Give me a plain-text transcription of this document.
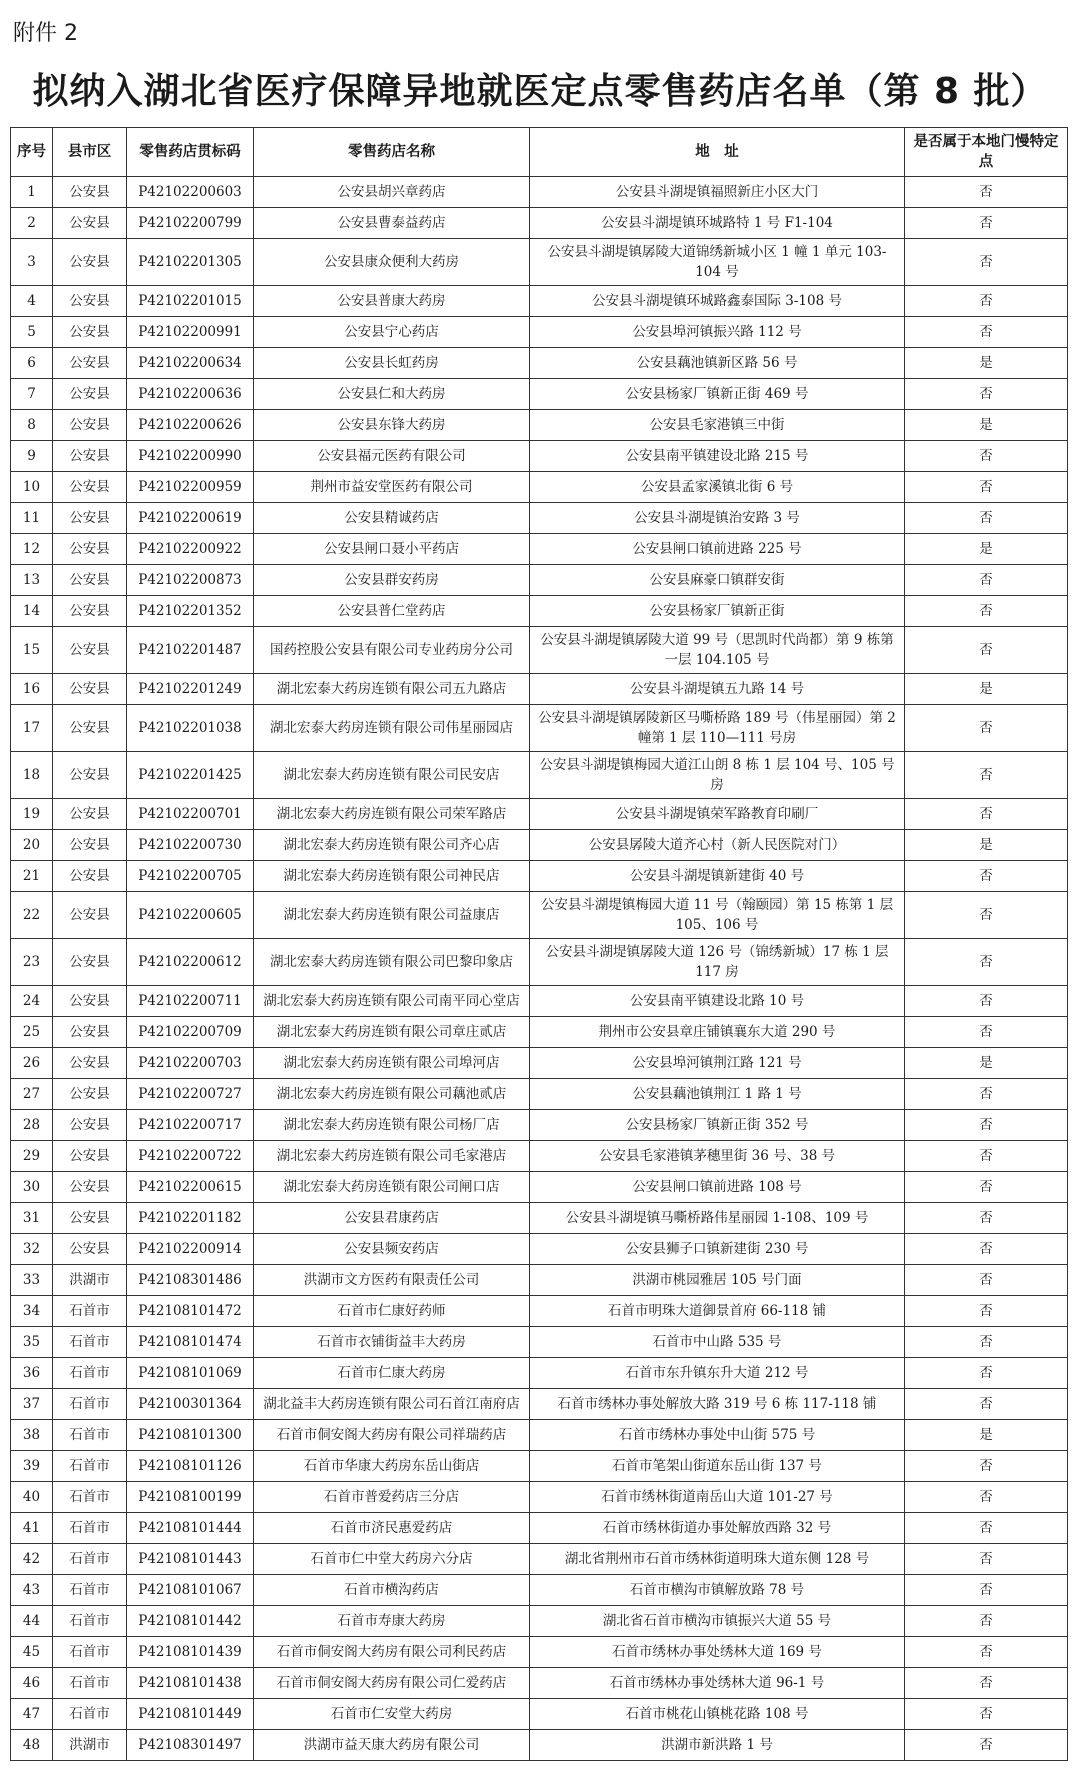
附件 2
拟纳入湖北省医疗保障异地就医定点零售药店名单（第 8 批）
序号	县市区	零售药店贯标码	零售药店名称	地　址	是否属于本地门慢特定点
1	公安县	P42102200603	公安县胡兴章药店	公安县斗湖堤镇福照新庄小区大门	否
2	公安县	P42102200799	公安县曹泰益药店	公安县斗湖堤镇环城路特 1 号 F1-104	否
3	公安县	P42102201305	公安县康众便利大药房	公安县斗湖堤镇孱陵大道锦绣新城小区 1 幢 1 单元 103-104 号	否
4	公安县	P42102201015	公安县普康大药房	公安县斗湖堤镇环城路鑫泰国际 3-108 号	否
5	公安县	P42102200991	公安县宁心药店	公安县埠河镇振兴路 112 号	否
6	公安县	P42102200634	公安县长虹药房	公安县藕池镇新区路 56 号	是
7	公安县	P42102200636	公安县仁和大药房	公安县杨家厂镇新正街 469 号	否
8	公安县	P42102200626	公安县东锋大药房	公安县毛家港镇三中街	是
9	公安县	P42102200990	公安县福元医药有限公司	公安县南平镇建设北路 215 号	否
10	公安县	P42102200959	荆州市益安堂医药有限公司	公安县孟家溪镇北街 6 号	否
11	公安县	P42102200619	公安县精诚药店	公安县斗湖堤镇治安路 3 号	否
12	公安县	P42102200922	公安县闸口聂小平药店	公安县闸口镇前进路 225 号	是
13	公安县	P42102200873	公安县群安药房	公安县麻豪口镇群安街	否
14	公安县	P42102201352	公安县普仁堂药店	公安县杨家厂镇新正街	否
15	公安县	P42102201487	国药控股公安县有限公司专业药房分公司	公安县斗湖堤镇孱陵大道 99 号（思凯时代尚都）第 9 栋第一层 104.105 号	否
16	公安县	P42102201249	湖北宏泰大药房连锁有限公司五九路店	公安县斗湖堤镇五九路 14 号	是
17	公安县	P42102201038	湖北宏泰大药房连锁有限公司伟星丽园店	公安县斗湖堤镇孱陵新区马嘶桥路 189 号（伟星丽园）第 2 幢第 1 层 110—111 号房	否
18	公安县	P42102201425	湖北宏泰大药房连锁有限公司民安店	公安县斗湖堤镇梅园大道江山朗 8 栋 1 层 104 号、105 号房	否
19	公安县	P42102200701	湖北宏泰大药房连锁有限公司荣军路店	公安县斗湖堤镇荣军路教育印刷厂	否
20	公安县	P42102200730	湖北宏泰大药房连锁有限公司齐心店	公安县孱陵大道齐心村（新人民医院对门）	是
21	公安县	P42102200705	湖北宏泰大药房连锁有限公司神民店	公安县斗湖堤镇新建街 40 号	否
22	公安县	P42102200605	湖北宏泰大药房连锁有限公司益康店	公安县斗湖堤镇梅园大道 11 号（翰颐园）第 15 栋第 1 层 105、106 号	否
23	公安县	P42102200612	湖北宏泰大药房连锁有限公司巴黎印象店	公安县斗湖堤镇孱陵大道 126 号（锦绣新城）17 栋 1 层 117 房	否
24	公安县	P42102200711	湖北宏泰大药房连锁有限公司南平同心堂店	公安县南平镇建设北路 10 号	否
25	公安县	P42102200709	湖北宏泰大药房连锁有限公司章庄贰店	荆州市公安县章庄铺镇襄东大道 290 号	否
26	公安县	P42102200703	湖北宏泰大药房连锁有限公司埠河店	公安县埠河镇荆江路 121 号	是
27	公安县	P42102200727	湖北宏泰大药房连锁有限公司藕池贰店	公安县藕池镇荆江 1 路 1 号	否
28	公安县	P42102200717	湖北宏泰大药房连锁有限公司杨厂店	公安县杨家厂镇新正街 352 号	否
29	公安县	P42102200722	湖北宏泰大药房连锁有限公司毛家港店	公安县毛家港镇茅穗里街 36 号、38 号	否
30	公安县	P42102200615	湖北宏泰大药房连锁有限公司闸口店	公安县闸口镇前进路 108 号	否
31	公安县	P42102201182	公安县君康药店	公安县斗湖堤镇马嘶桥路伟星丽园 1-108、109 号	否
32	公安县	P42102200914	公安县频安药店	公安县狮子口镇新建街 230 号	否
33	洪湖市	P42108301486	洪湖市文方医药有限责任公司	洪湖市桃园雅居 105 号门面	否
34	石首市	P42108101472	石首市仁康好药师	石首市明珠大道御景首府 66-118 铺	否
35	石首市	P42108101474	石首市衣铺街益丰大药房	石首市中山路 535 号	否
36	石首市	P42108101069	石首市仁康大药房	石首市东升镇东升大道 212 号	否
37	石首市	P42100301364	湖北益丰大药房连锁有限公司石首江南府店	石首市绣林办事处解放大路 319 号 6 栋 117-118 铺	否
38	石首市	P42108101300	石首市侗安阁大药房有限公司祥瑞药店	石首市绣林办事处中山街 575 号	是
39	石首市	P42108101126	石首市华康大药房东岳山街店	石首市笔架山街道东岳山街 137 号	否
40	石首市	P42108100199	石首市普爱药店三分店	石首市绣林街道南岳山大道 101-27 号	否
41	石首市	P42108101444	石首市济民惠爱药店	石首市绣林街道办事处解放西路 32 号	否
42	石首市	P42108101443	石首市仁中堂大药房六分店	湖北省荆州市石首市绣林街道明珠大道东侧 128 号	否
43	石首市	P42108101067	石首市横沟药店	石首市横沟市镇解放路 78 号	否
44	石首市	P42108101442	石首市寿康大药房	湖北省石首市横沟市镇振兴大道 55 号	否
45	石首市	P42108101439	石首市侗安阁大药房有限公司利民药店	石首市绣林办事处绣林大道 169 号	否
46	石首市	P42108101438	石首市侗安阁大药房有限公司仁爱药店	石首市绣林办事处绣林大道 96-1 号	否
47	石首市	P42108101449	石首市仁安堂大药房	石首市桃花山镇桃花路 108 号	否
48	洪湖市	P42108301497	洪湖市益天康大药房有限公司	洪湖市新洪路 1 号	否
